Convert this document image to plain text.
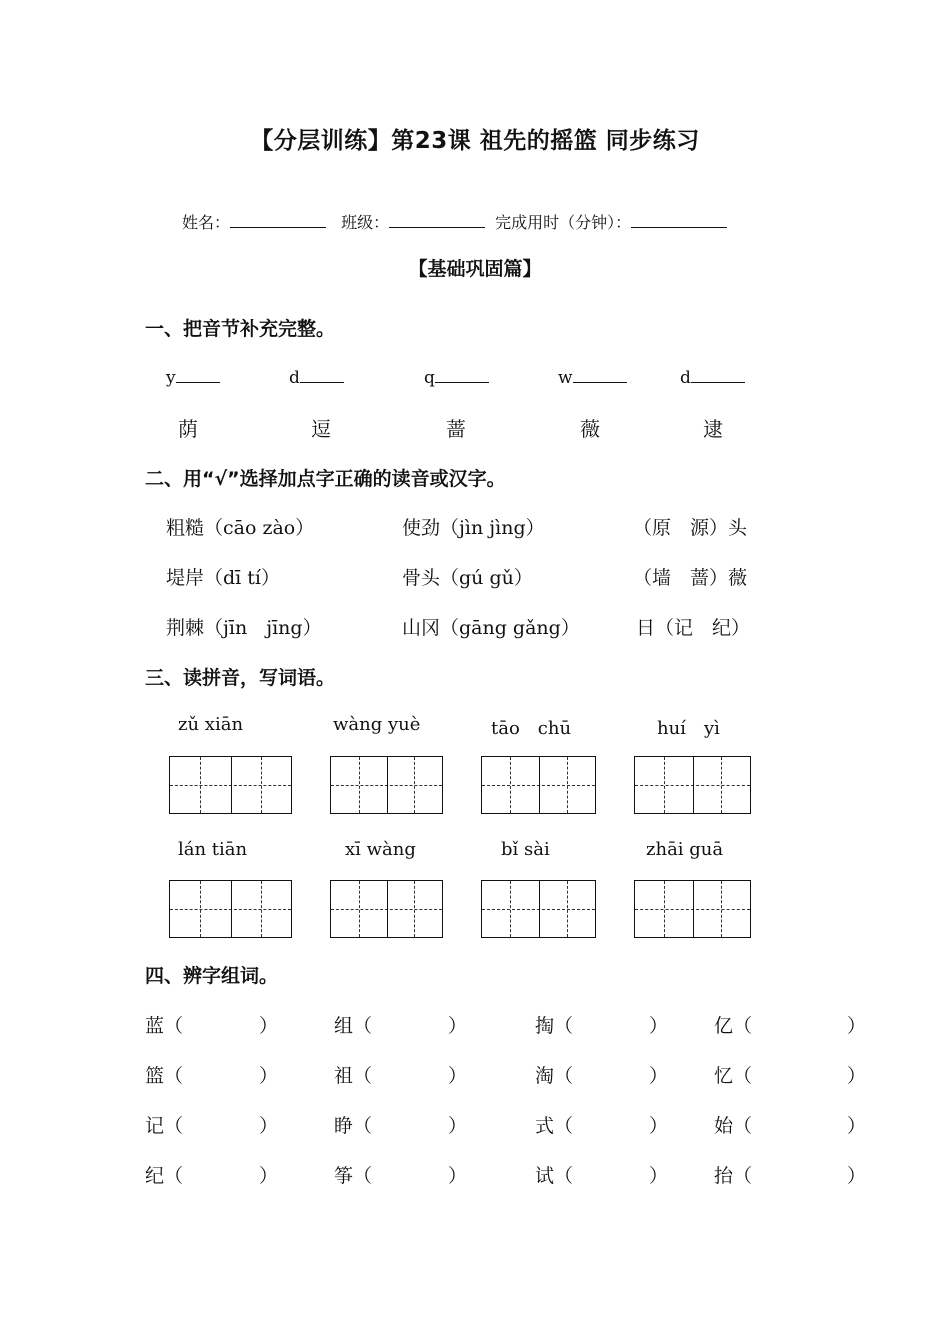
【分层训练】第23课 祖先的摇篮 同步练习
姓名：	班级：	完成用时（分钟）：
【基础巩固篇】
一、把音节补充完整。
y	d	q	w	d
荫	逗	蔷	薇	逮
二、用“√”选择加点字正确的读音或汉字。
粗糙（cāo zào）	使劲（jìn jìng）	（原　源）头
堤岸（dī tí）	骨头（gú gǔ）	（墙　蔷）薇
荆棘（jīn　jīng）	山冈（gāng gǎng）	日（记　纪）
三、读拼音，写词语。
zǔ xiān	wàng yuè	tāo　chū	huí　yì
lán tiān	xī wàng	bǐ sài	zhāi guā
四、辨字组词。
蓝（　　　　）	组（　　　　）	掏（　　　　） 亿（　　　　　）
篮（　　　　）	祖（　　　　）	淘（　　　　） 忆（　　　　　）
记（　　　　）	睁（　　　　）	式（　　　　） 始（　　　　　）
纪（　　　　）	筝（　　　　）	试（　　　　） 抬（　　　　　）
